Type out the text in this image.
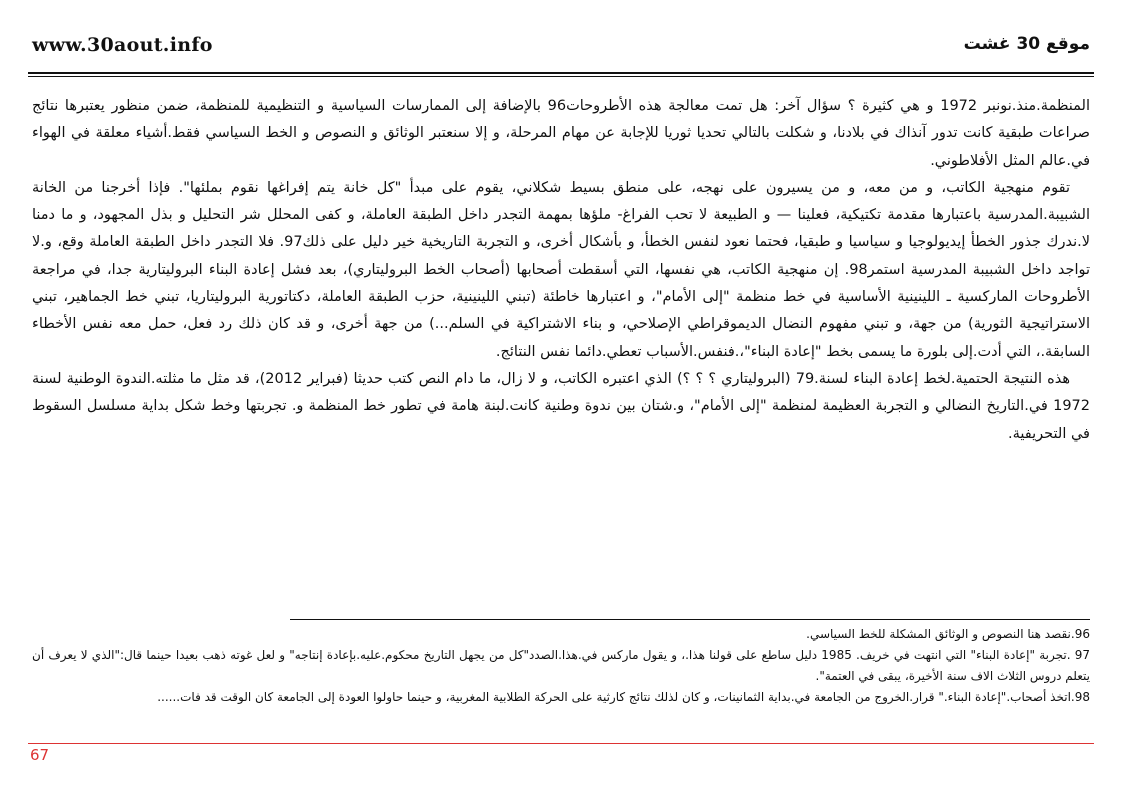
www.30aout.info	موقع 30 غشت

المنظمة.منذ.نونبر 1972 و هي كثيرة ؟ سؤال آخر: هل تمت معالجة هذه الأطروحات96 بالإضافة إلى الممارسات السياسية و التنظيمية للمنظمة، ضمن منظور يعتبرها نتائج صراعات طبقية كانت تدور آنذاك في بلادنا، و شكلت بالتالي تحديا ثوريا للإجابة عن مهام المرحلة، و إلا سنعتبر الوثائق و النصوص و الخط السياسي فقط.أشياء معلقة في الهواء في.عالم المثل الأفلاطوني.

تقوم منهجية الكاتب، و من معه، و من يسيرون على نهجه، على منطق بسيط شكلاني، يقوم على مبدأ "كل خانة يتم إفراغها نقوم بملئها". فإذا أخرجنا من الخانة الشبيبة.المدرسية باعتبارها مقدمة تكتيكية، فعلينا — و الطبيعة لا تحب الفراغ- ملؤها بمهمة التجدر داخل الطبقة العاملة، و كفى المحلل شر التحليل و بذل المجهود، و ما دمنا لا.ندرك جذور الخطأ إيديولوجيا و سياسيا و طبقيا، فحتما نعود لنفس الخطأ، و بأشكال أخرى، و التجربة التاريخية خير دليل على ذلك97. فلا التجدر داخل الطبقة العاملة وقع، و.لا تواجد داخل الشبيبة المدرسية استمر98. إن منهجية الكاتب، هي نفسها، التي أسقطت أصحابها (أصحاب الخط البروليتاري)، بعد فشل إعادة البناء البروليتارية جدا، في مراجعة الأطروحات الماركسية ـ اللينينية الأساسية في خط منظمة "إلى الأمام"، و اعتبارها خاطئة (تبني اللينينية، حزب الطبقة العاملة، دكتاتورية البروليتاريا، تبني خط الجماهير، تبني الاستراتيجية الثورية) من جهة، و تبني مفهوم النضال الديموقراطي الإصلاحي، و بناء الاشتراكية في السلم...) من جهة أخرى، و قد كان ذلك رد فعل، حمل معه نفس الأخطاء السابقة.، التي أدت.إلى بلورة ما يسمى بخط "إعادة البناء"،.فنفس.الأسباب تعطي.دائما نفس النتائج.

هذه النتيجة الحتمية.لخط إعادة البناء لسنة.79 (البروليتاري ؟ ؟ ؟) الذي اعتبره الكاتب، و لا زال، ما دام النص كتب حديثا (فبراير 2012)، قد مثل ما مثلته.الندوة الوطنية لسنة 1972 في.التاريخ النضالي و التجربة العظيمة لمنظمة "إلى الأمام"، و.شتان بين ندوة وطنية كانت.لبنة هامة في تطور خط المنظمة و. تجربتها وخط شكل بداية مسلسل السقوط في التحريفية.

96.نقصد هنا النصوص و الوثائق المشكلة للخط السياسي.

97 .تجربة "إعادة البناء" التي انتهت في خريف. 1985 دليل ساطع على قولنا هذا.، و يقول ماركس في.هذا.الصدد"كل من يجهل التاريخ محكوم.عليه.بإعادة إنتاجه" و لعل غوته ذهب بعيدا حينما قال:"الذي لا يعرف أن يتعلم دروس الثلاث الاف سنة الأخيرة، يبقى في العتمة".

98.اتخذ أصحاب."إعادة البناء." قرار.الخروج من الجامعة في.بداية الثمانينات، و كان لذلك نتائج كارثية على الحركة الطلابية المغربية، و حينما حاولوا العودة إلى الجامعة كان الوقت قد فات......

67
